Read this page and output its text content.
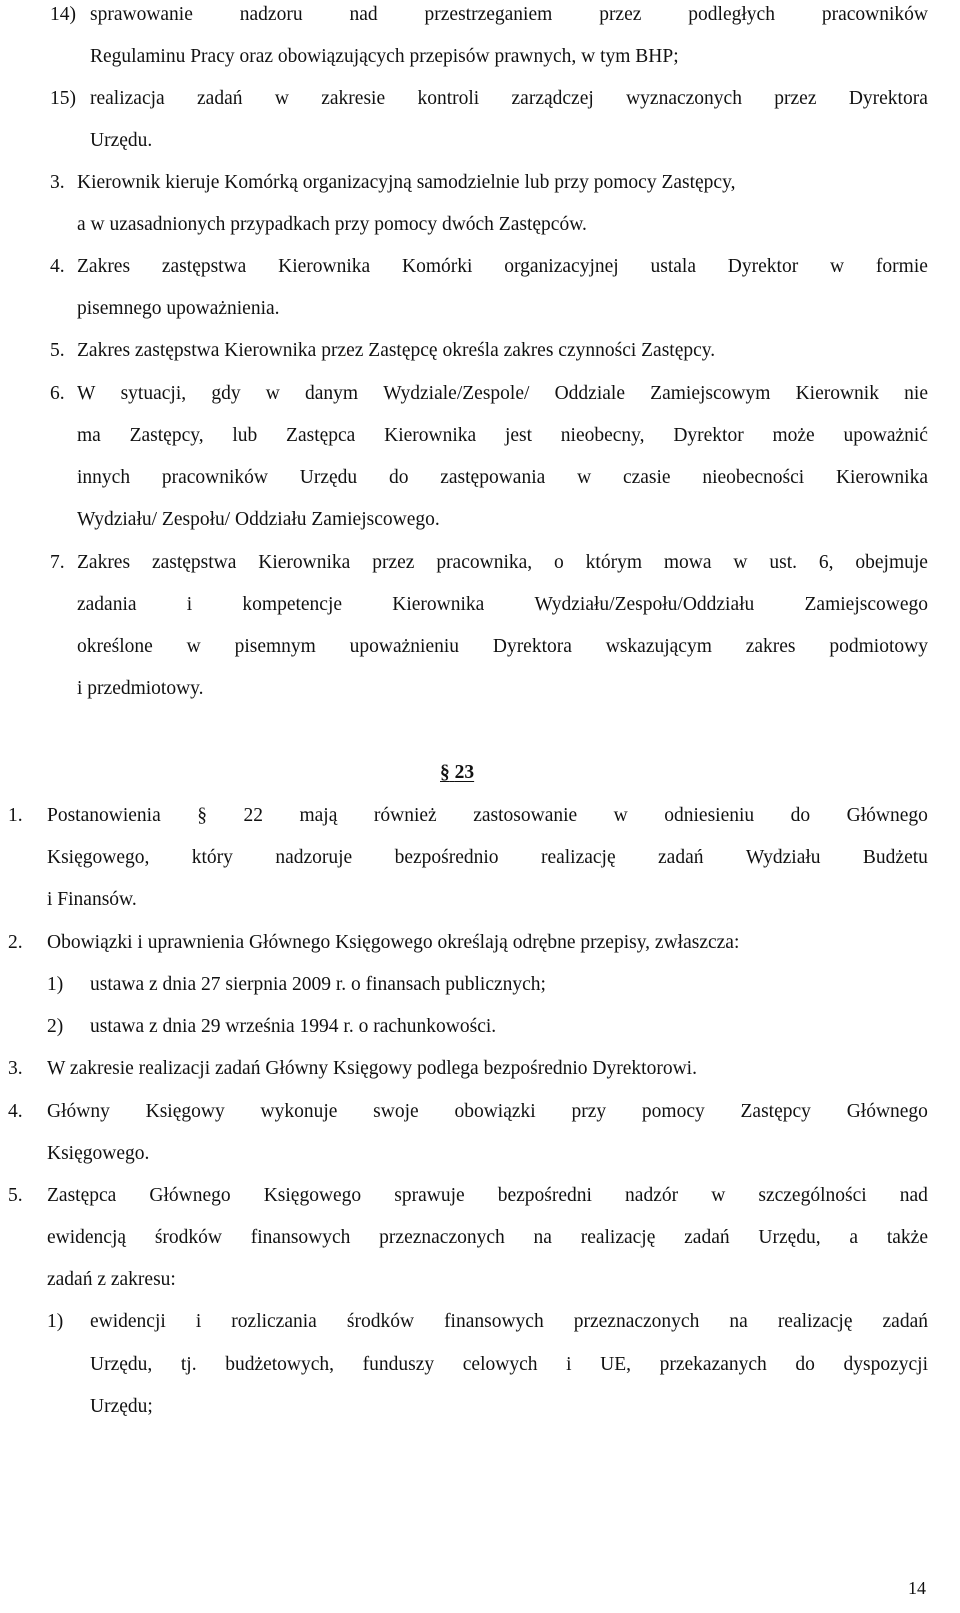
14) sprawowanie nadzoru nad przestrzeganiem przez podległych pracowników
Regulaminu Pracy oraz obowiązujących przepisów prawnych, w tym BHP;
15) realizacja zadań w zakresie kontroli zarządczej wyznaczonych przez Dyrektora
Urzędu.
3. Kierownik kieruje Komórką organizacyjną samodzielnie lub przy pomocy Zastępcy,
a w uzasadnionych przypadkach przy pomocy dwóch Zastępców.
4. Zakres zastępstwa Kierownika Komórki organizacyjnej ustala Dyrektor w formie
pisemnego upoważnienia.
5. Zakres zastępstwa Kierownika przez Zastępcę określa zakres czynności Zastępcy.
6. W sytuacji, gdy w danym Wydziale/Zespole/ Oddziale Zamiejscowym Kierownik nie
ma Zastępcy, lub Zastępca Kierownika jest nieobecny, Dyrektor może upoważnić
innych pracowników Urzędu do zastępowania w czasie nieobecności Kierownika
Wydziału/ Zespołu/ Oddziału Zamiejscowego.
7. Zakres zastępstwa Kierownika przez pracownika, o którym mowa w ust. 6, obejmuje
zadania	i	kompetencje	Kierownika	Wydziału/Zespołu/Oddziału	Zamiejscowego
określone w pisemnym upoważnieniu Dyrektora wskazującym zakres podmiotowy
i przedmiotowy.
§ 23
1. Postanowienia § 22 mają również zastosowanie w odniesieniu do Głównego
Księgowego, który nadzoruje bezpośrednio realizację zadań Wydziału Budżetu
i Finansów.
2. Obowiązki i uprawnienia Głównego Księgowego określają odrębne przepisy, zwłaszcza:
1) ustawa z dnia 27 sierpnia 2009 r. o finansach publicznych;
2) ustawa z dnia 29 września 1994 r. o rachunkowości.
3. W zakresie realizacji zadań Główny Księgowy podlega bezpośrednio Dyrektorowi.
4. Główny Księgowy wykonuje swoje obowiązki przy pomocy Zastępcy Głównego
Księgowego.
5. Zastępca Głównego Księgowego sprawuje bezpośredni nadzór w szczególności nad
ewidencją środków finansowych przeznaczonych na realizację zadań Urzędu, a także
zadań z zakresu:
1) ewidencji i rozliczania środków finansowych przeznaczonych na realizację zadań
Urzędu, tj. budżetowych, funduszy celowych i UE, przekazanych do dyspozycji
Urzędu;
14
